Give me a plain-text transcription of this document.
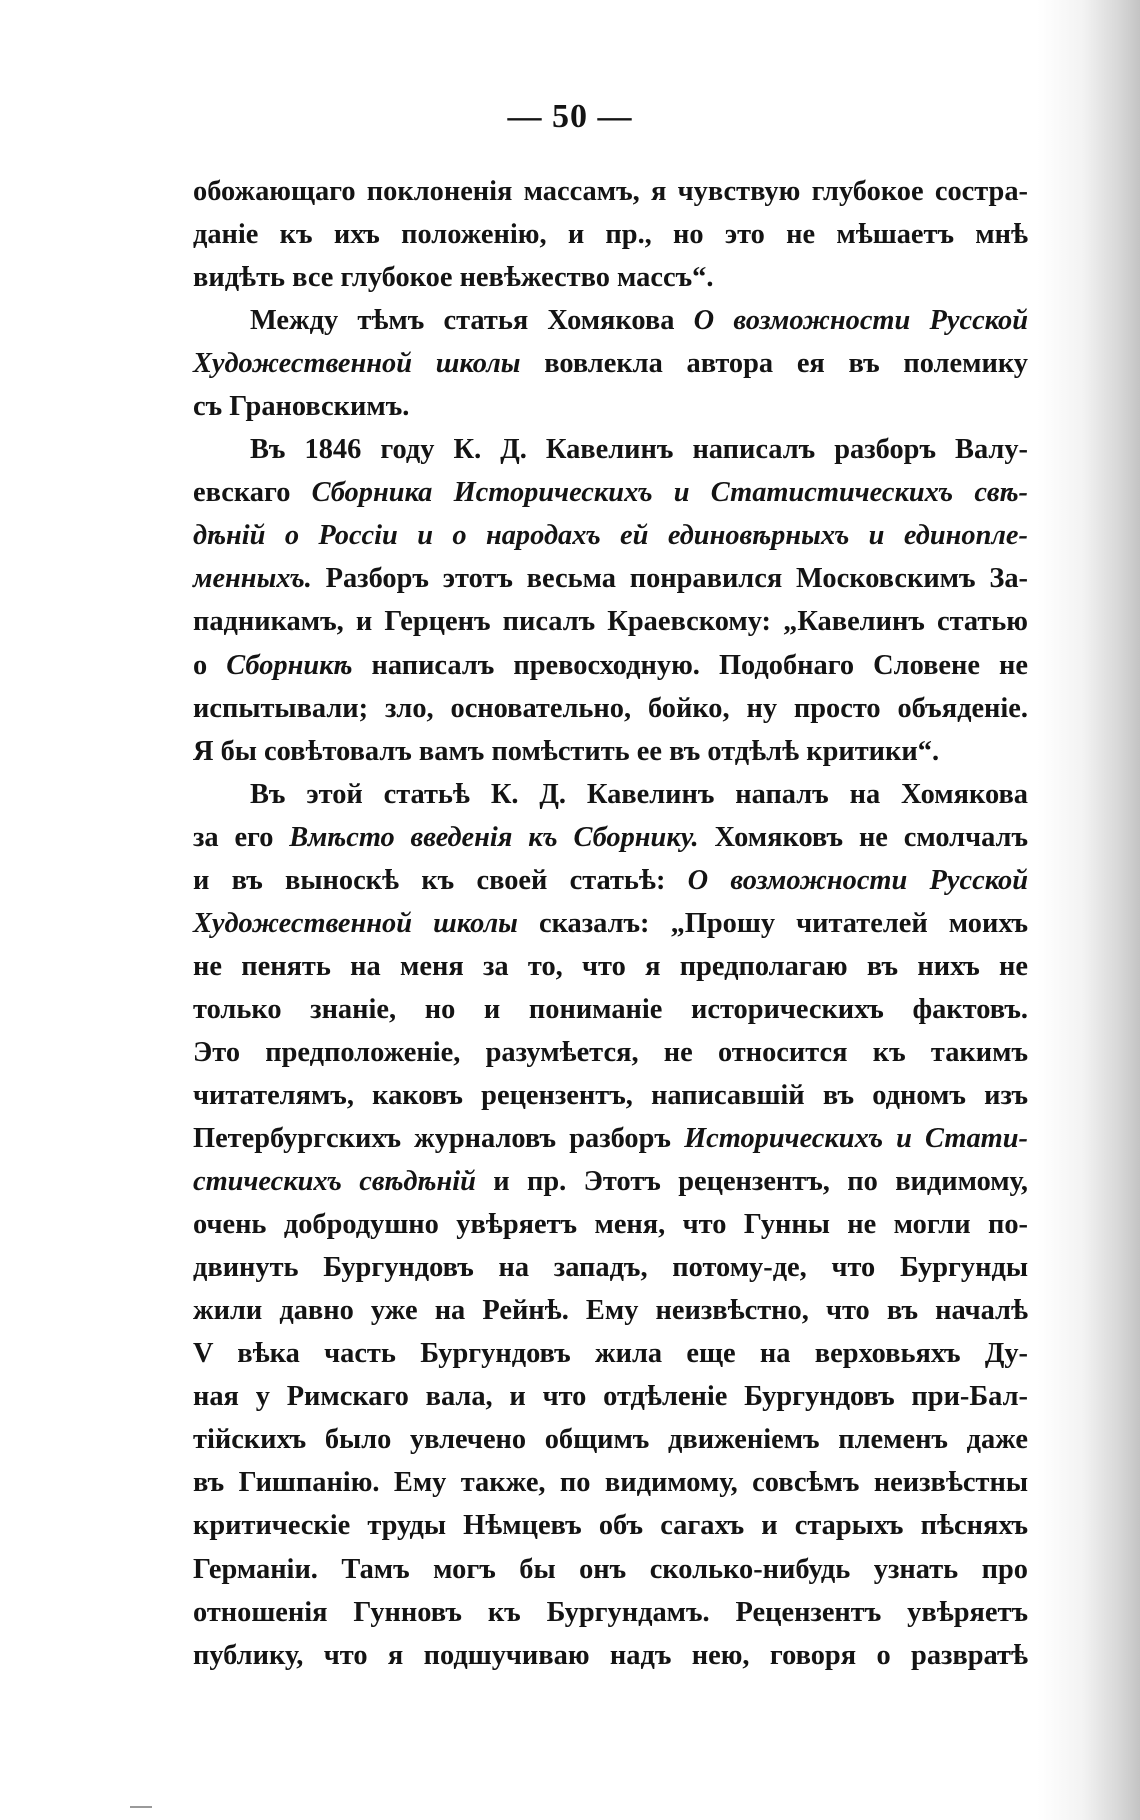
— 50 —
обожающаго поклоненія массамъ, я чувствую глубокое состра-
даніе къ ихъ положенію, и пр., но это не мѣшаетъ мнѣ
видѣть все глубокое невѣжество массъ“.
Между тѣмъ статья Хомякова О возможности Русской
Художественной школы вовлекла автора ея въ полемику
съ Грановскимъ.
Въ 1846 году К. Д. Кавелинъ написалъ разборъ Валу-
евскаго Сборника Историческихъ и Статистическихъ свѣ-
дѣній о Россіи и о народахъ ей единовѣрныхъ и единопле-
менныхъ. Разборъ этотъ весьма понравился Московскимъ За-
падникамъ, и Герценъ писалъ Краевскому: „Кавелинъ статью
о Сборникѣ написалъ превосходную. Подобнаго Словене не
испытывали; зло, основательно, бойко, ну просто объяденіе.
Я бы совѣтовалъ вамъ помѣстить ее въ отдѣлѣ критики“.
Въ этой статьѣ К. Д. Кавелинъ напалъ на Хомякова
за его Вмѣсто введенія къ Сборнику. Хомяковъ не смолчалъ
и въ выноскѣ къ своей статьѣ: О возможности Русской
Художественной школы сказалъ: „Прошу читателей моихъ
не пенять на меня за то, что я предполагаю въ нихъ не
только знаніе, но и пониманіе историческихъ фактовъ.
Это предположеніе, разумѣется, не относится къ такимъ
читателямъ, каковъ рецензентъ, написавшій въ одномъ изъ
Петербургскихъ журналовъ разборъ Историческихъ и Стати-
стическихъ свѣдѣній и пр. Этотъ рецензентъ, по видимому,
очень добродушно увѣряетъ меня, что Гунны не могли по-
двинуть Бургундовъ на западъ, потому-де, что Бургунды
жили давно уже на Рейнѣ. Ему неизвѣстно, что въ началѣ
V вѣка часть Бургундовъ жила еще на верховьяхъ Ду-
ная у Римскаго вала, и что отдѣленіе Бургундовъ при-Бал-
тійскихъ было увлечено общимъ движеніемъ племенъ даже
въ Гишпанію. Ему также, по видимому, совсѣмъ неизвѣстны
критическіе труды Нѣмцевъ объ сагахъ и старыхъ пѣсняхъ
Германіи. Тамъ могъ бы онъ сколько-нибудь узнать про
отношенія Гунновъ къ Бургундамъ. Рецензентъ увѣряетъ
публику, что я подшучиваю надъ нею, говоря о развратѣ
